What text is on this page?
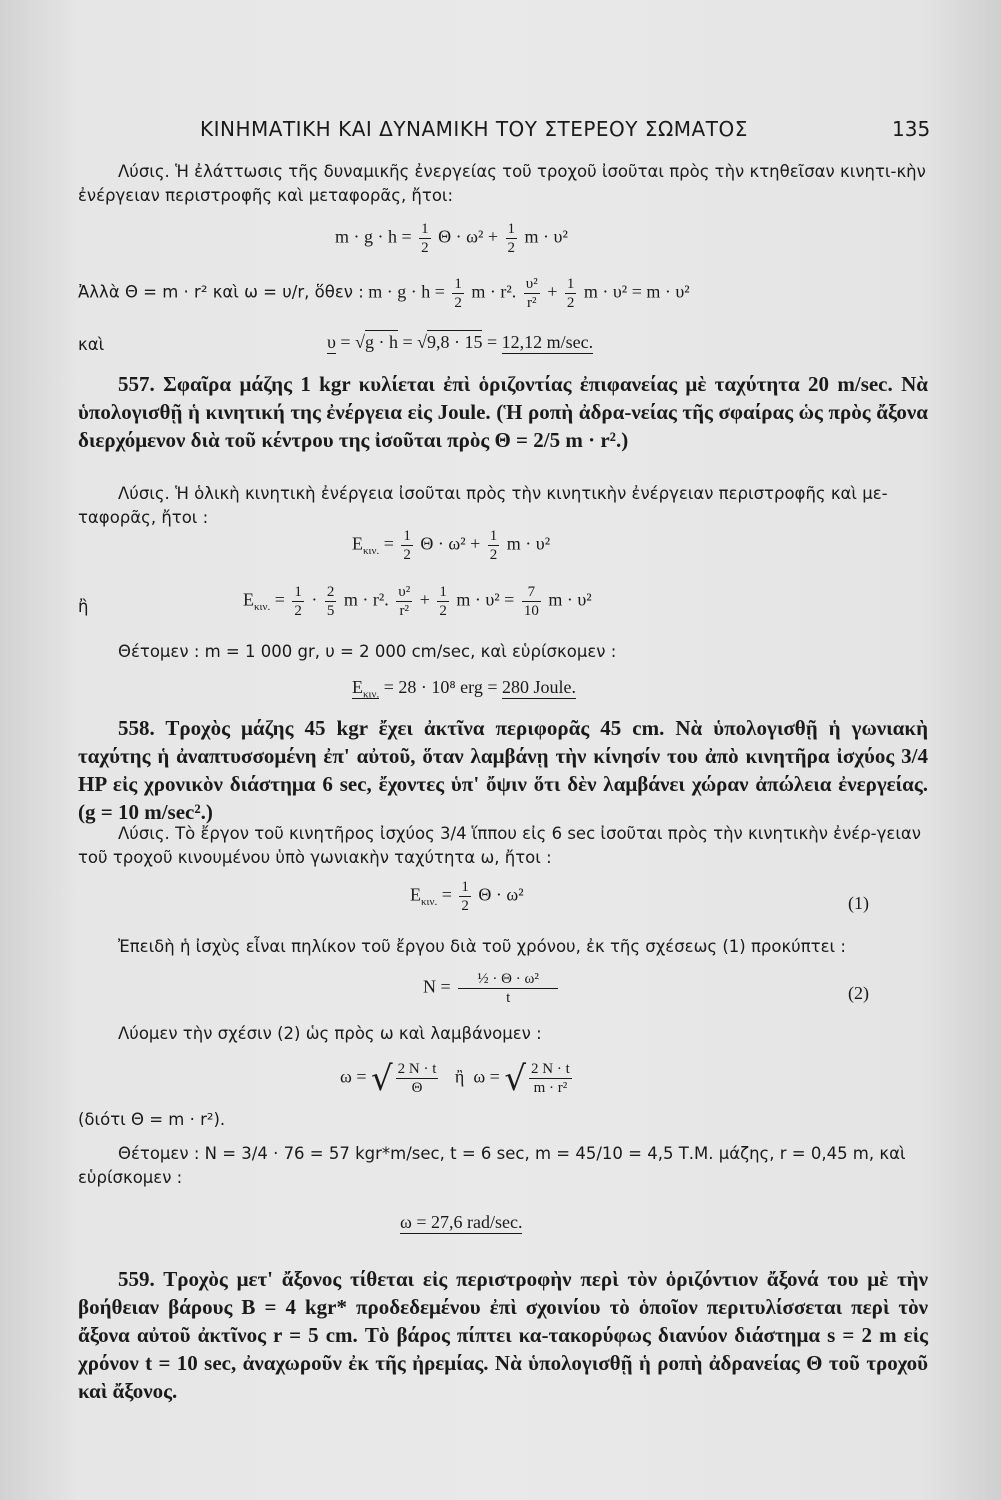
ΚΙΝΗΜΑΤΙΚΗ ΚΑΙ ΔΥΝΑΜΙΚΗ ΤΟΥ ΣΤΕΡΕΟΥ ΣΩΜΑΤΟΣ	135
Λύσις. Ἡ ἐλάττωσις τῆς δυναμικῆς ἐνεργείας τοῦ τροχοῦ ἰσοῦται πρὸς τὴν κτηθεῖσαν κινητι-κὴν ἐνέργειαν περιστροφῆς καὶ μεταφορᾶς, ἤτοι:
$m \cdot g \cdot h = \frac{1}{2}$ $\Theta \cdot \omega^2 + \frac{1}{2}$ m · υ²
Ἀλλὰ Θ = m · r² καὶ ω = υ/r, ὅθεν : $m \cdot g \cdot h = \frac{1}{2}$ m · r². $\frac{\text{υ²}}{\text{r²}} + \frac{1}{2}$ m · υ² = m · υ²
καὶ	υ = √g · h = √9,8 · 15 = 12,12 m/sec.
557. Σφαῖρα μάζης 1 kgr κυλίεται ἐπὶ ὁριζοντίας ἐπιφανείας μὲ ταχύτητα 20 m/sec. Νὰ ὑπολογισθῇ ἡ κινητική της ἐνέργεια εἰς Joule. (Ἡ ροπὴ ἀδρα-νείας τῆς σφαίρας ὡς πρὸς ἄξονα διερχόμενον διὰ τοῦ κέντρου της ἰσοῦται πρὸς Θ = 2/5 m · r².)
Λύσις. Ἡ ὁλικὴ κινητικὴ ἐνέργεια ἰσοῦται πρὸς τὴν κινητικὴν ἐνέργειαν περιστροφῆς καὶ με-ταφορᾶς, ἤτοι :
$E_{\kappa\iota\nu.} = \frac{1}{2}$ $\Theta \cdot \omega^2 + \frac{1}{2}$ m · υ²
ἢ	$E_{\kappa\iota\nu.} = \frac{1}{2} \cdot \frac{2}{5}$ m · r². $\frac{\text{υ²}}{\text{r²}} + \frac{1}{2}$ $m \cdot \upsilon^2 = \frac{7}{10}$ m · υ²
Θέτομεν : m = 1 000 gr, υ = 2 000 cm/sec, καὶ εὑρίσκομεν :
$E_{\kappa\iota\nu.} = 28 \cdot 10^8$ erg = 280 Joule.
558. Τροχὸς μάζης 45 kgr ἔχει ἀκτῖνα περιφορᾶς 45 cm. Νὰ ὑπολογισθῇ ἡ γωνιακὴ ταχύτης ἡ ἀναπτυσσομένη ἐπ' αὐτοῦ, ὅταν λαμβάνῃ τὴν κίνησίν του ἀπὸ κινητῆρα ἰσχύος 3/4 HP εἰς χρονικὸν διάστημα 6 sec, ἔχοντες ὑπ' ὄψιν ὅτι δὲν λαμβάνει χώραν ἀπώλεια ἐνεργείας. (g = 10 m/sec².)
Λύσις. Τὸ ἔργον τοῦ κινητῆρος ἰσχύος 3/4 ἵππου εἰς 6 sec ἰσοῦται πρὸς τὴν κινητικὴν ἐνέρ-γειαν τοῦ τροχοῦ κινουμένου ὑπὸ γωνιακὴν ταχύτητα ω, ἤτοι :
$E_{\kappa\iota\nu.} = \frac{1}{2}$ Θ · ω²	(1)
Ἐπειδὴ ἡ ἰσχὺς εἶναι πηλίκον τοῦ ἔργου διὰ τοῦ χρόνου, ἐκ τῆς σχέσεως (1) προκύπτει :
$N = \frac{\text{½ · Θ · ω²}}{t}$	(2)
Λύομεν τὴν σχέσιν (2) ὡς πρὸς ω καὶ λαμβάνομεν :
ω = √ $\frac{2 N \cdot t}{\Theta}$ ἢ  ω = √ $\frac{2 N \cdot t}{\text{m · r²}}$
(διότι Θ = m · r²).
Θέτομεν : N = 3/4 · 76 = 57 kgr*m/sec, t = 6 sec, m = 45/10 = 4,5 Τ.Μ. μάζης, r = 0,45 m, καὶ εὑρίσκομεν :
ω = 27,6 rad/sec.
559. Τροχὸς μετ' ἄξονος τίθεται εἰς περιστροφὴν περὶ τὸν ὁριζόντιον ἄξονά του μὲ τὴν βοήθειαν βάρους B = 4 kgr* προδεδεμένου ἐπὶ σχοινίου τὸ ὁποῖον περιτυλίσσεται περὶ τὸν ἄξονα αὐτοῦ ἀκτῖνος r = 5 cm. Τὸ βάρος πίπτει κα-τακορύφως διανύον διάστημα s = 2 m εἰς χρόνον t = 10 sec, ἀναχωροῦν ἐκ τῆς ἠρεμίας. Νὰ ὑπολογισθῇ ἡ ροπὴ ἀδρανείας Θ τοῦ τροχοῦ καὶ ἄξονος.
